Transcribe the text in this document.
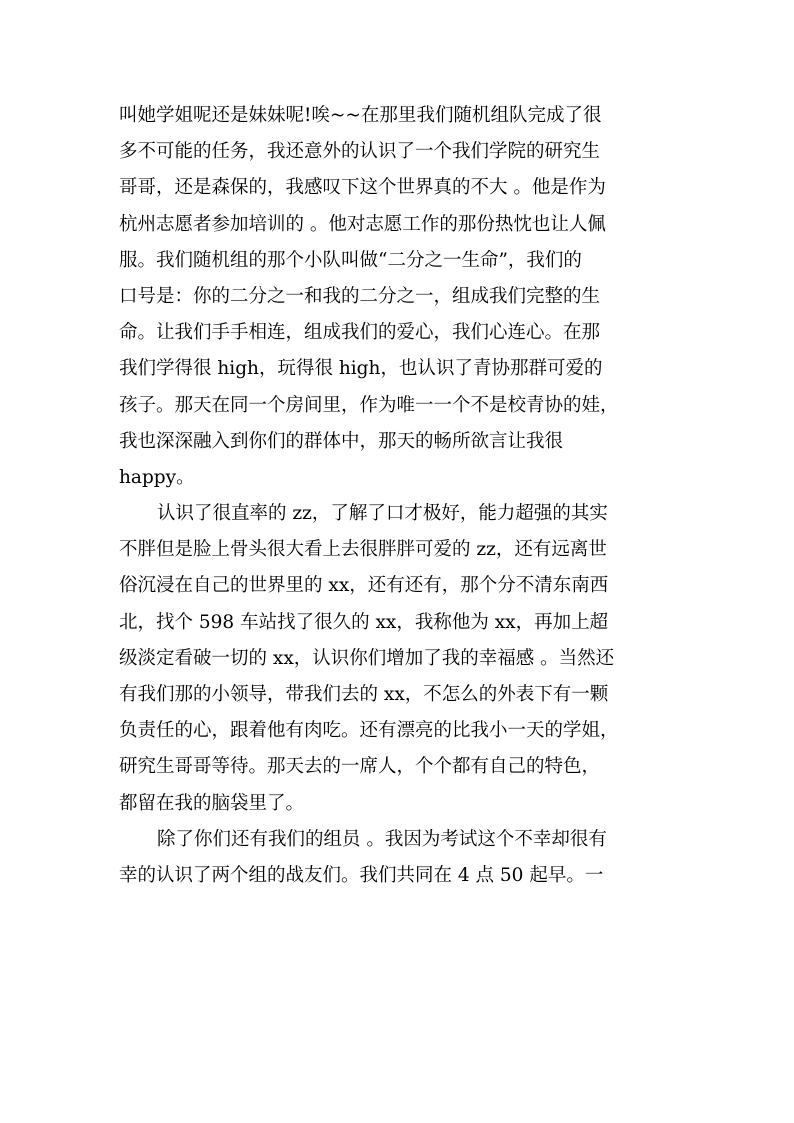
叫她学姐呢还是妹妹呢!唉~~在那里我们随机组队完成了很
多不可能的任务，我还意外的认识了一个我们学院的研究生
哥哥，还是森保的，我感叹下这个世界真的不大 。他是作为
杭州志愿者参加培训的 。他对志愿工作的那份热忱也让人佩
服。我们随机组的那个小队叫做“二分之一生命”，我们的
口号是：你的二分之一和我的二分之一，组成我们完整的生
命。让我们手手相连，组成我们的爱心，我们心连心。在那
我们学得很 high，玩得很 high，也认识了青协那群可爱的
孩子。那天在同一个房间里，作为唯一一个不是校青协的娃，
我也深深融入到你们的群体中，那天的畅所欲言让我很
happy。
认识了很直率的 zz，了解了口才极好，能力超强的其实
不胖但是脸上骨头很大看上去很胖胖可爱的 zz，还有远离世
俗沉浸在自己的世界里的 xx，还有还有，那个分不清东南西
北，找个 598 车站找了很久的 xx，我称他为 xx，再加上超
级淡定看破一切的 xx，认识你们增加了我的幸福感 。当然还
有我们那的小领导，带我们去的 xx，不怎么的外表下有一颗
负责任的心，跟着他有肉吃。还有漂亮的比我小一天的学姐，
研究生哥哥等待。那天去的一席人，个个都有自己的特色，
都留在我的脑袋里了。
除了你们还有我们的组员 。我因为考试这个不幸却很有
幸的认识了两个组的战友们。我们共同在 4 点 50 起早。一
